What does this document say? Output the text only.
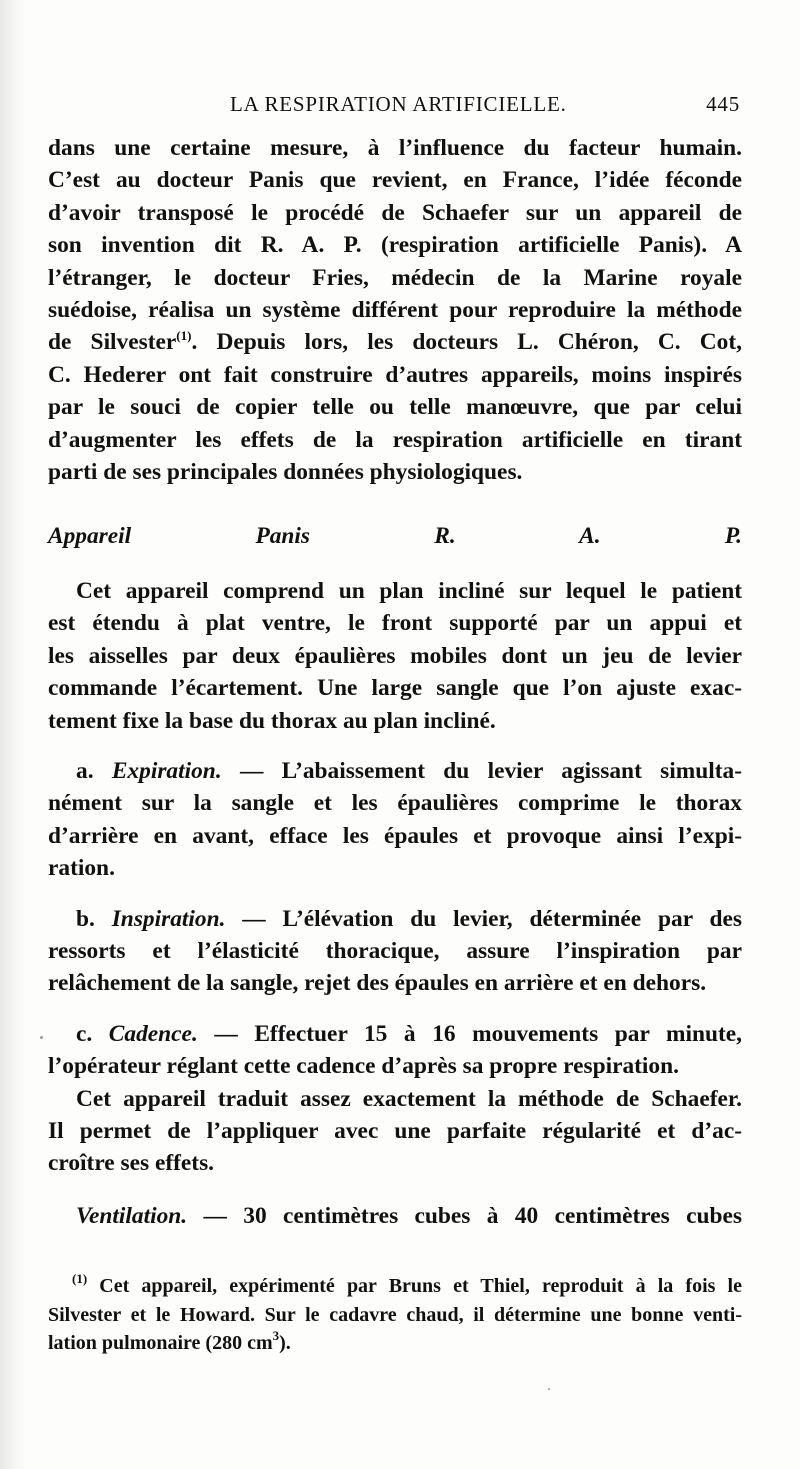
LA RESPIRATION ARTIFICIELLE.	445

dans une certaine mesure, à l’influence du facteur humain.
C’est au docteur Panis que revient, en France, l’idée féconde
d’avoir transposé le procédé de Schaefer sur un appareil de
son invention dit R. A. P. (respiration artificielle Panis). A
l’étranger, le docteur Fries, médecin de la Marine royale
suédoise, réalisa un système différent pour reproduire la méthode
de Silvester$^{(1)}$. Depuis lors, les docteurs L. Chéron, C. Cot,
C. Hederer ont fait construire d’autres appareils, moins inspirés
par le souci de copier telle ou telle manœuvre, que par celui
d’augmenter les effets de la respiration artificielle en tirant
parti de ses principales données physiologiques.

Appareil Panis R. A. P.

Cet appareil comprend un plan incliné sur lequel le patient
est étendu à plat ventre, le front supporté par un appui et
les aisselles par deux épaulières mobiles dont un jeu de levier
commande l’écartement. Une large sangle que l’on ajuste exac-
tement fixe la base du thorax au plan incliné.

a. Expiration. — L’abaissement du levier agissant simulta-
nément sur la sangle et les épaulières comprime le thorax
d’arrière en avant, efface les épaules et provoque ainsi l’expi-
ration.

b. Inspiration. — L’élévation du levier, déterminée par des
ressorts et l’élasticité thoracique, assure l’inspiration par
relâchement de la sangle, rejet des épaules en arrière et en dehors.

c. Cadence. — Effectuer 15 à 16 mouvements par minute,
l’opérateur réglant cette cadence d’après sa propre respiration.

Cet appareil traduit assez exactement la méthode de Schaefer.
Il permet de l’appliquer avec une parfaite régularité et d’ac-
croître ses effets.

Ventilation. — 30 centimètres cubes à 40 centimètres cubes

$^{(1)}$ Cet appareil, expérimenté par Bruns et Thiel, reproduit à la fois le
Silvester et le Howard. Sur le cadavre chaud, il détermine une bonne venti-
lation pulmonaire (280 $cm^3$).
